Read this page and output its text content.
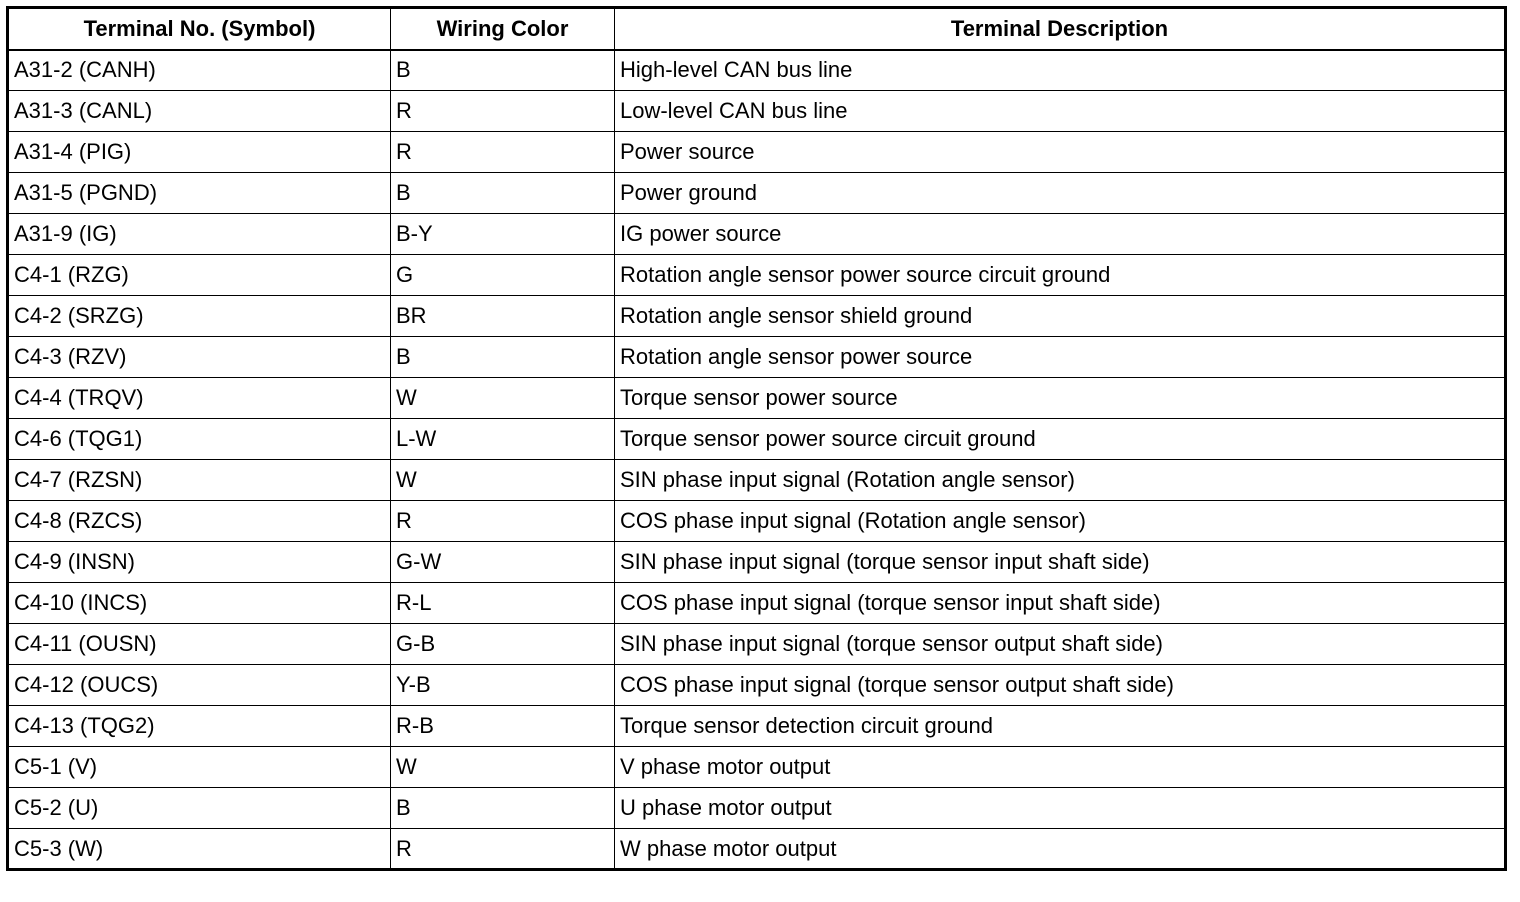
Terminal No. (Symbol)	Wiring Color	Terminal Description
A31-2 (CANH)	B	High-level CAN bus line
A31-3 (CANL)	R	Low-level CAN bus line
A31-4 (PIG)	R	Power source
A31-5 (PGND)	B	Power ground
A31-9 (IG)	B-Y	IG power source
C4-1 (RZG)	G	Rotation angle sensor power source circuit ground
C4-2 (SRZG)	BR	Rotation angle sensor shield ground
C4-3 (RZV)	B	Rotation angle sensor power source
C4-4 (TRQV)	W	Torque sensor power source
C4-6 (TQG1)	L-W	Torque sensor power source circuit ground
C4-7 (RZSN)	W	SIN phase input signal (Rotation angle sensor)
C4-8 (RZCS)	R	COS phase input signal (Rotation angle sensor)
C4-9 (INSN)	G-W	SIN phase input signal (torque sensor input shaft side)
C4-10 (INCS)	R-L	COS phase input signal (torque sensor input shaft side)
C4-11 (OUSN)	G-B	SIN phase input signal (torque sensor output shaft side)
C4-12 (OUCS)	Y-B	COS phase input signal (torque sensor output shaft side)
C4-13 (TQG2)	R-B	Torque sensor detection circuit ground
C5-1 (V)	W	V phase motor output
C5-2 (U)	B	U phase motor output
C5-3 (W)	R	W phase motor output
